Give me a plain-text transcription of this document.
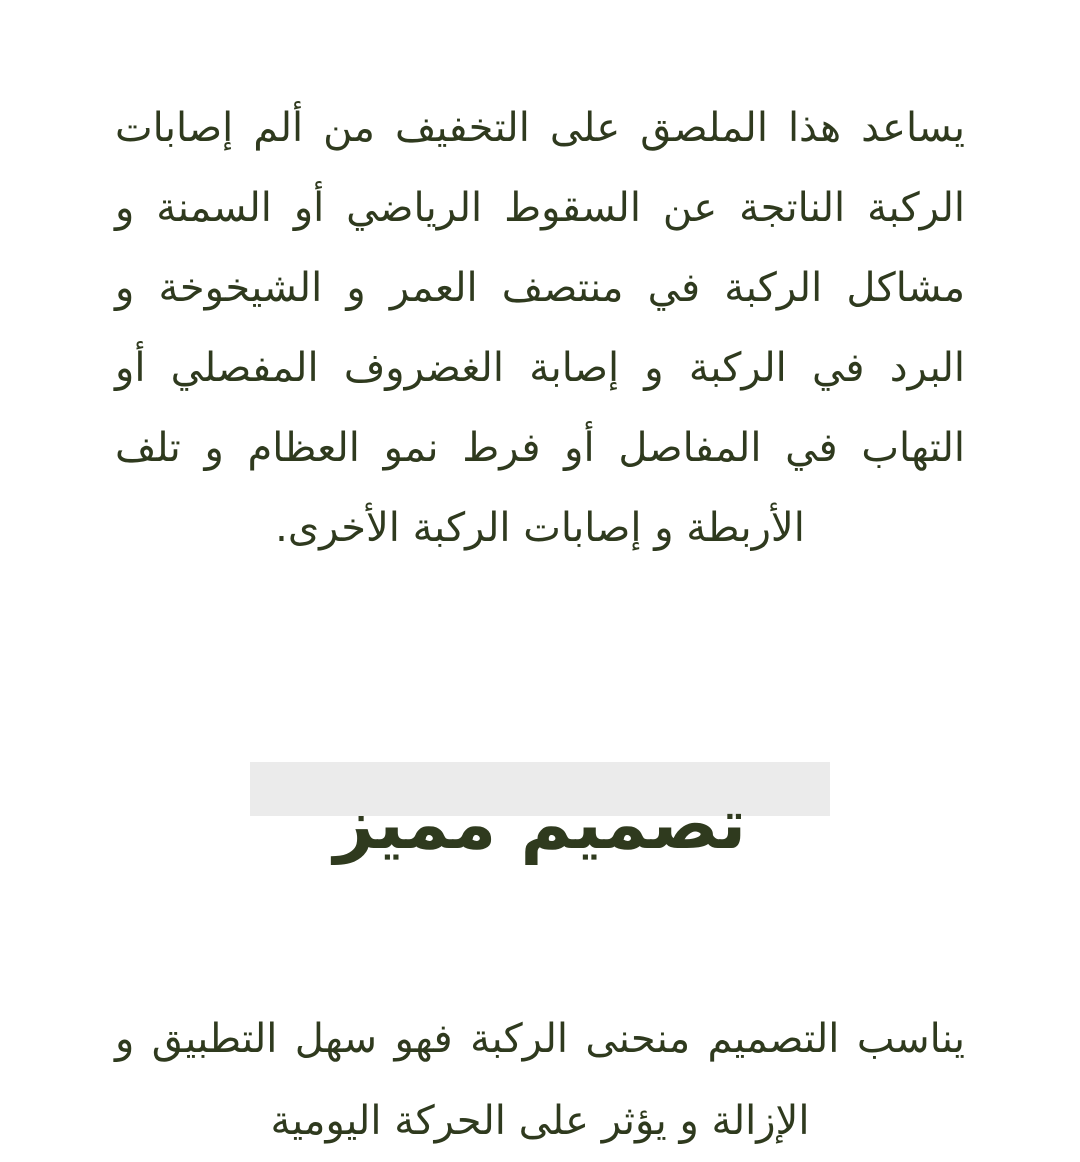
يساعد هذا الملصق على التخفيف من ألم إصابات الركبة الناتجة عن السقوط الرياضي أو السمنة و مشاكل الركبة في منتصف العمر و الشيخوخة و البرد في الركبة و إصابة الغضروف المفصلي أو التهاب في المفاصل أو فرط نمو العظام و تلف الأربطة و إصابات الركبة الأخرى.

تصميم مميز

يناسب التصميم منحنى الركبة فهو سهل التطبيق و الإزالة و يؤثر على الحركة اليومية
